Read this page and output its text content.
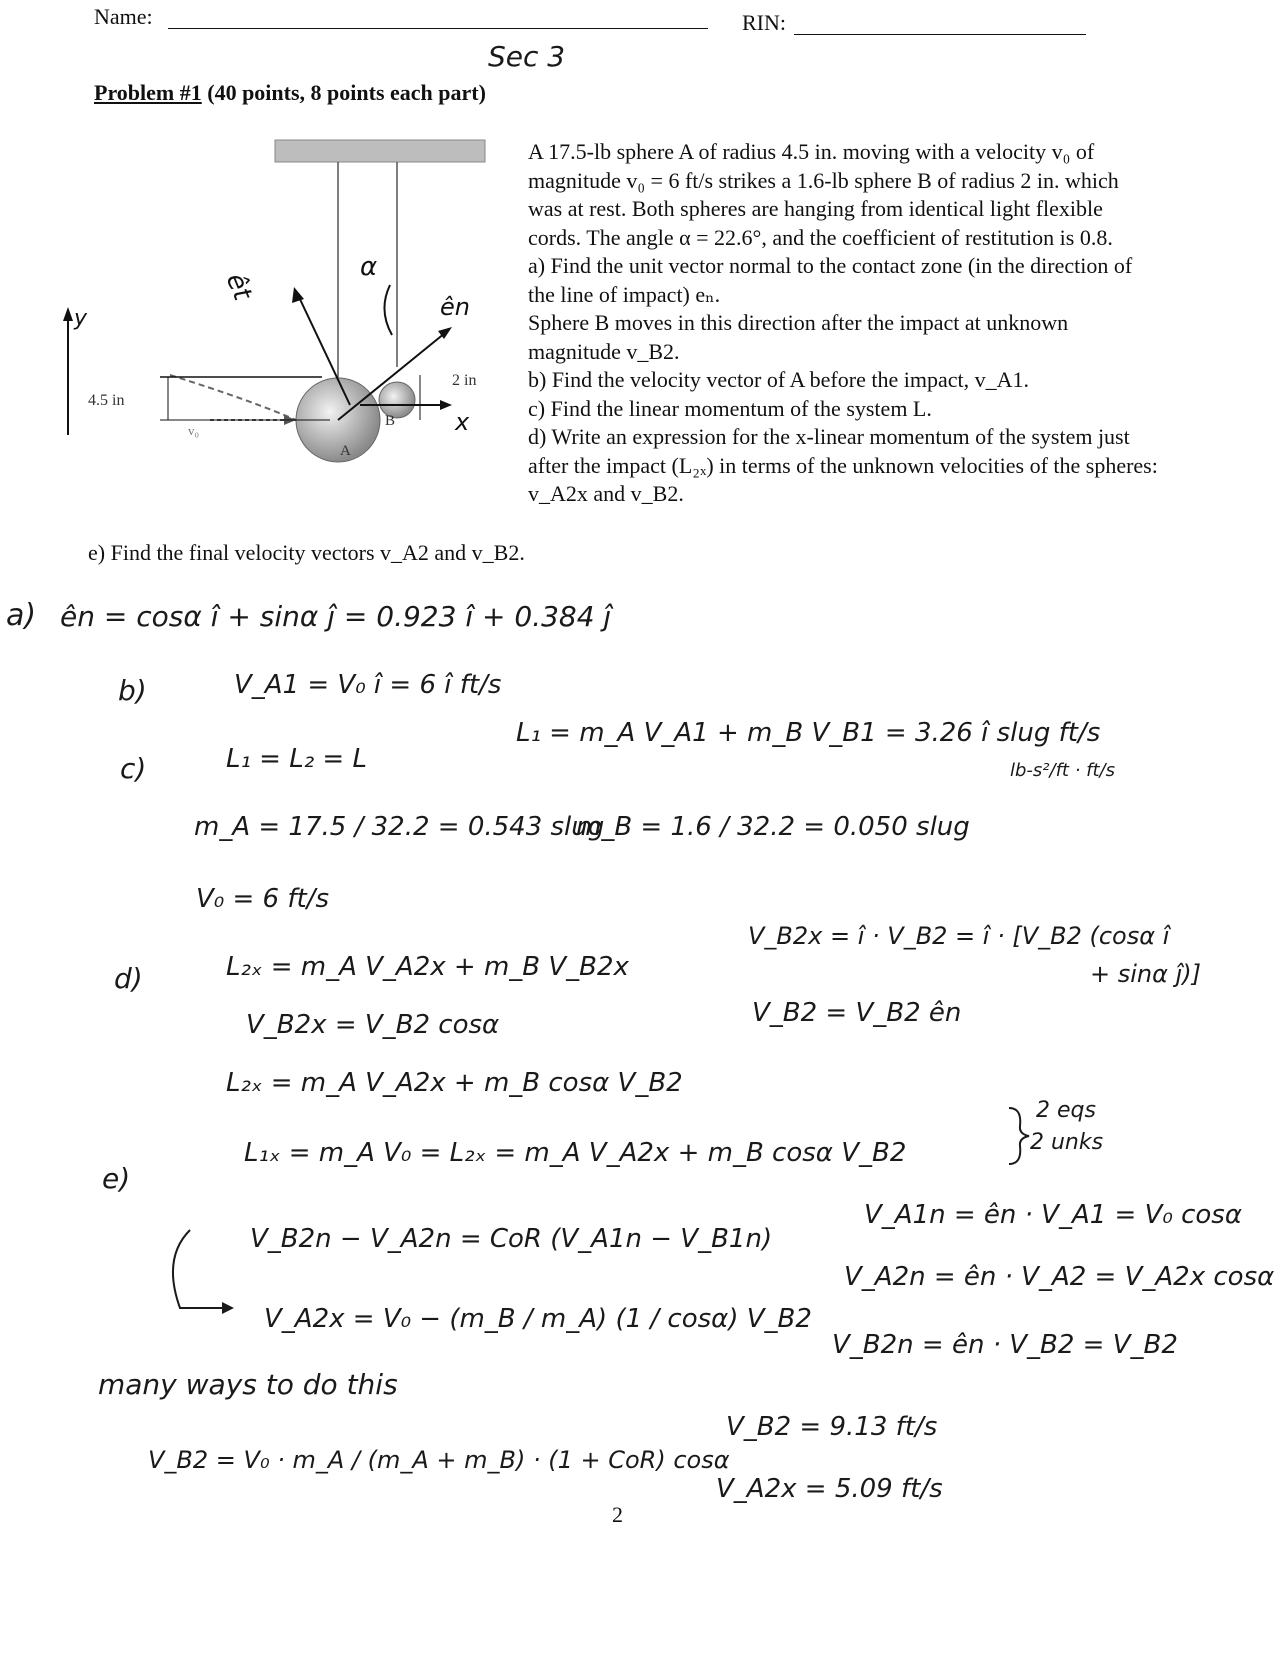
Name:	RIN:
Sec 3
Problem #1 (40 points, 8 points each part)
4.5 in
y
êt
ên
α
x
2 in
B
A
v₀

A 17.5-lb sphere A of radius 4.5 in. moving with a velocity v₀ of magnitude v₀ = 6 ft/s strikes a 1.6-lb sphere B of radius 2 in. which was at rest. Both spheres are hanging from identical light flexible cords. The angle α = 22.6°, and the coefficient of restitution is 0.8.

a) Find the unit vector normal to the contact zone (in the direction of the line of impact) eₙ.

Sphere B moves in this direction after the impact at unknown magnitude v_B2.

b) Find the velocity vector of A before the impact, v_A1.

c) Find the linear momentum of the system L.

d) Write an expression for the x-linear momentum of the system just after the impact (L₂ₓ) in terms of the unknown velocities of the spheres: v_A2x and v_B2.

e) Find the final velocity vectors v_A2 and v_B2.
a) ên = cosα î + sinα ĵ = 0.923 î + 0.384 ĵ
b)	V_A1 = V₀ î = 6 î ft/s
c)	L₁ = L₂ = L
L₁ = m_A V_A1 + m_B V_B1 = 3.26 î slug ft/s
lb-s²/ft · ft/s
m_A = 17.5 / 32.2 = 0.543 slug
m_B = 1.6 / 32.2 = 0.050 slug
V₀ = 6 ft/s
d)	L₂ₓ = m_A V_A2x + m_B V_B2x
V_B2x = V_B2 cosα
L₂ₓ = m_A V_A2x + m_B cosα V_B2
V_B2x = î · V_B2 = î · [V_B2 (cosα î
+ sinα ĵ)]
V_B2 = V_B2 ên
e)
L₁ₓ = m_A V₀ = L₂ₓ = m_A V_A2x + m_B cosα V_B2
2 eqs
2 unks
V_B2n − V_A2n = CoR (V_A1n − V_B1n)
V_A2x = V₀ − (m_B / m_A) (1 / cosα) V_B2
V_A1n = ên · V_A1 = V₀ cosα
V_A2n = ên · V_A2 = V_A2x cosα
V_B2n = ên · V_B2 = V_B2
many ways to do this
V_B2 = V₀ · m_A / (m_A + m_B) · (1 + CoR) cosα
V_B2 = 9.13 ft/s
V_A2x = 5.09 ft/s
2
